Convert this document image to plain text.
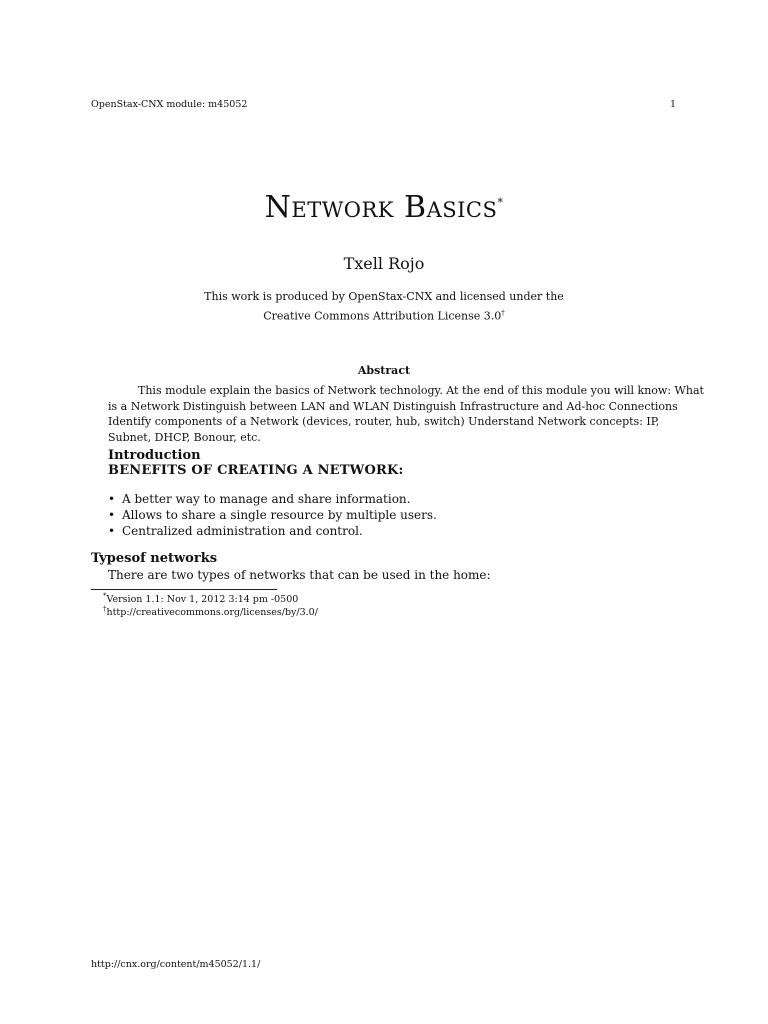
OpenStax-CNX module: m45052	1
Network Basics*
Txell Rojo
This work is produced by OpenStax-CNX and licensed under the
Creative Commons Attribution License 3.0†
Abstract
This module explain the basics of Network technology. At the end of this module you will know: What
is a Network Distinguish between LAN and WLAN Distinguish Infrastructure and Ad-hoc Connections
Identify components of a Network (devices, router, hub, switch) Understand Network concepts: IP,
Subnet, DHCP, Bonour, etc.
Introduction
BENEFITS OF CREATING A NETWORK:
• A better way to manage and share information.
• Allows to share a single resource by multiple users.
• Centralized administration and control.
Typesof networks
There are two types of networks that can be used in the home:
*Version 1.1: Nov 1, 2012 3:14 pm -0500
†http://creativecommons.org/licenses/by/3.0/
http://cnx.org/content/m45052/1.1/
